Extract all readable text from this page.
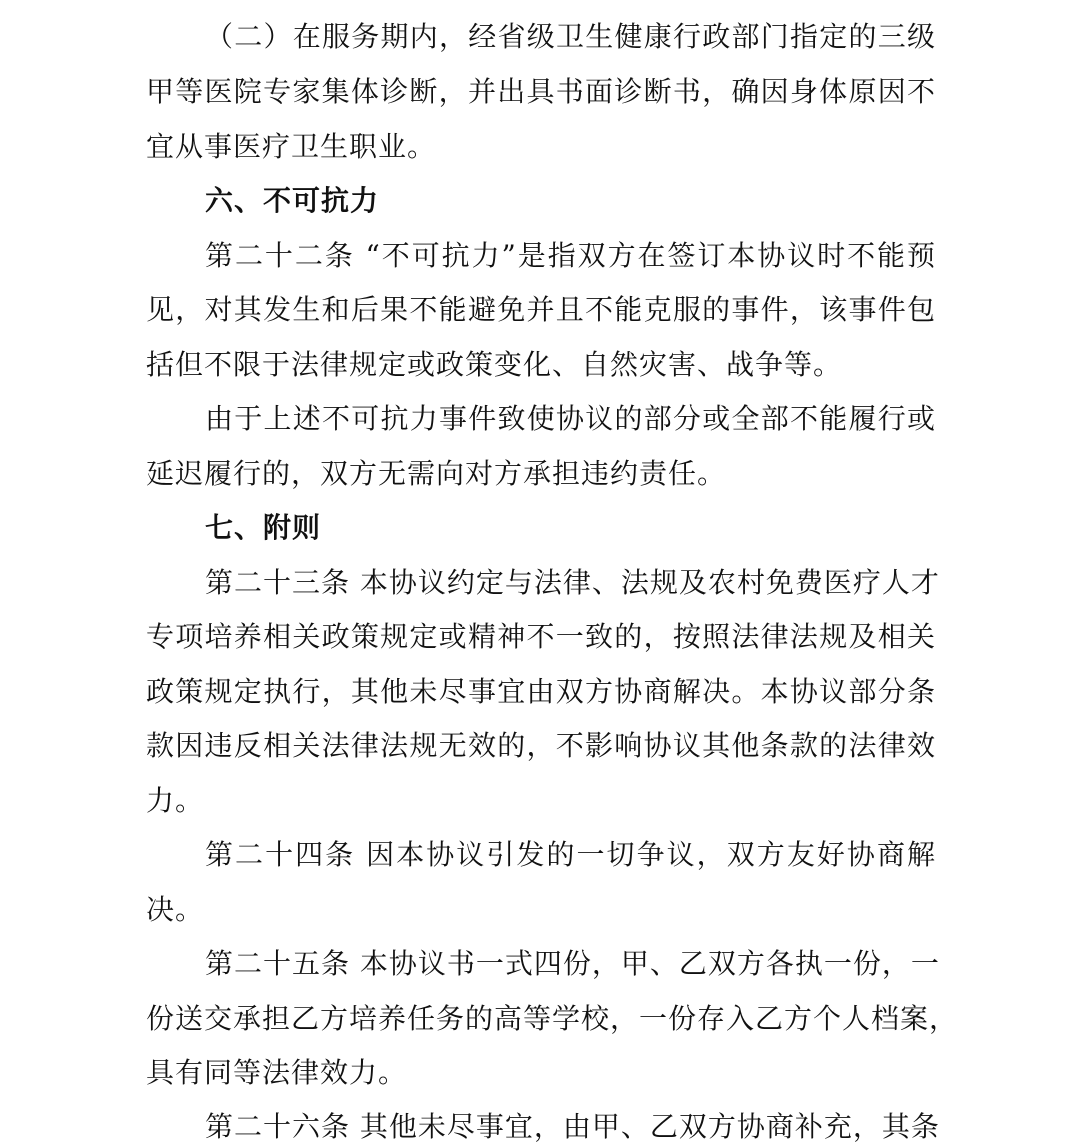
（二）在服务期内，经省级卫生健康行政部门指定的三级
甲等医院专家集体诊断，并出具书面诊断书，确因身体原因不
宜从事医疗卫生职业。
六、不可抗力
第二十二条 “不可抗力”是指双方在签订本协议时不能预
见，对其发生和后果不能避免并且不能克服的事件，该事件包
括但不限于法律规定或政策变化、自然灾害、战争等。
由于上述不可抗力事件致使协议的部分或全部不能履行或
延迟履行的，双方无需向对方承担违约责任。
七、附则
第二十三条 本协议约定与法律、法规及农村免费医疗人才
专项培养相关政策规定或精神不一致的，按照法律法规及相关
政策规定执行，其他未尽事宜由双方协商解决。本协议部分条
款因违反相关法律法规无效的，不影响协议其他条款的法律效
力。
第二十四条 因本协议引发的一切争议，双方友好协商解
决。
第二十五条 本协议书一式四份，甲、乙双方各执一份，一
份送交承担乙方培养任务的高等学校，一份存入乙方个人档案，
具有同等法律效力。
第二十六条 其他未尽事宜，由甲、乙双方协商补充，其条
